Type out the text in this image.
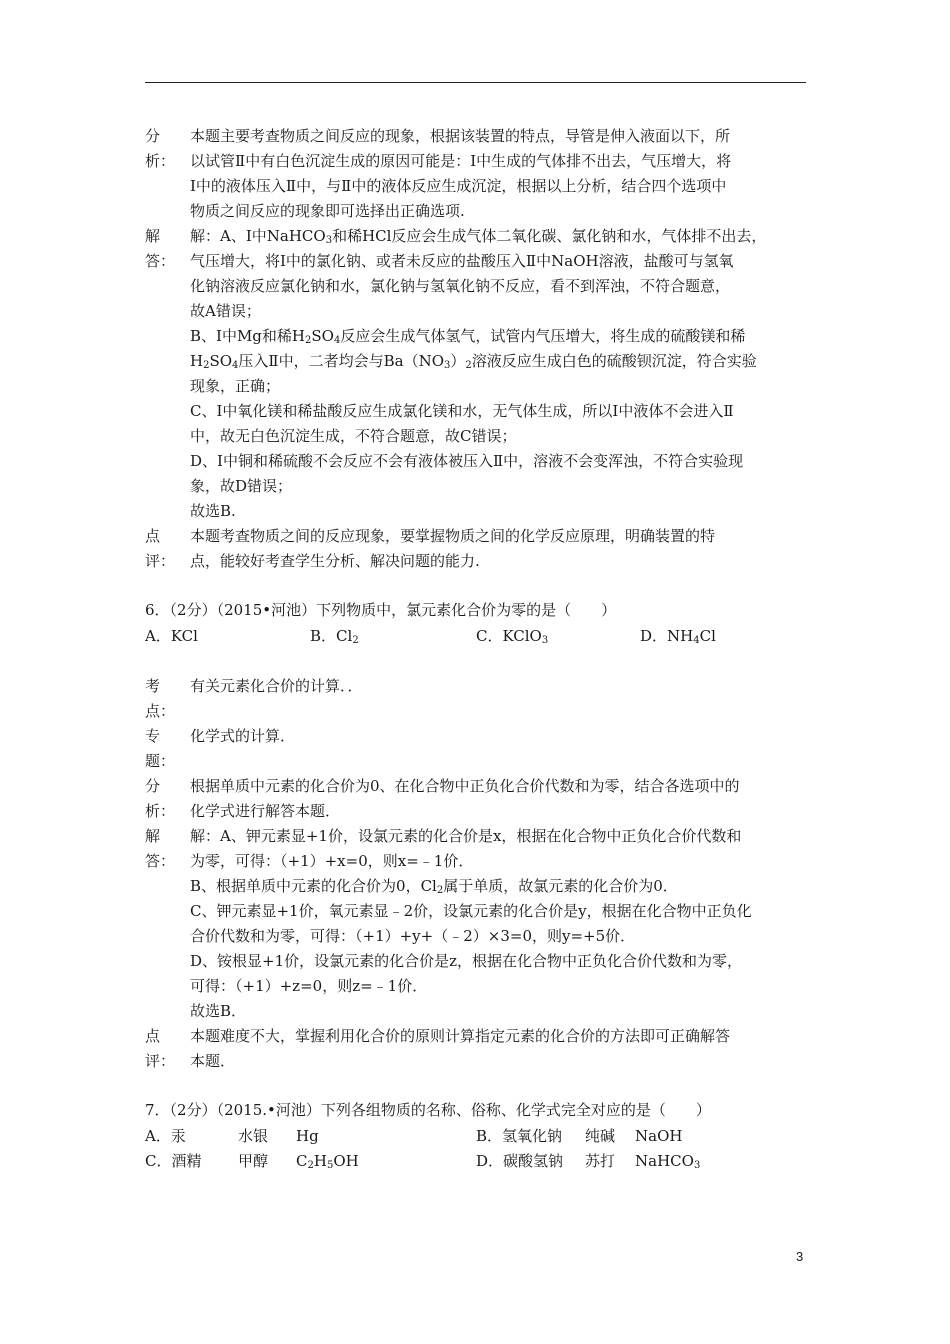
分
析：
本题主要考查物质之间反应的现象，根据该装置的特点，导管是伸入液面以下，所
以试管Ⅱ中有白色沉淀生成的原因可能是：Ⅰ中生成的气体排不出去，气压增大，将
Ⅰ中的液体压入Ⅱ中，与Ⅱ中的液体反应生成沉淀，根据以上分析，结合四个选项中
物质之间反应的现象即可选择出正确选项.
解
答：
解：A、Ⅰ中NaHCO$_3$和稀HCl反应会生成气体二氧化碳、氯化钠和水，气体排不出去，
气压增大，将Ⅰ中的氯化钠、或者未反应的盐酸压入Ⅱ中NaOH溶液，盐酸可与氢氧
化钠溶液反应氯化钠和水，氯化钠与氢氧化钠不反应，看不到浑浊，不符合题意，
故A错误；
B、Ⅰ中Mg和稀$H_2SO_4$反应会生成气体氢气，试管内气压增大，将生成的硫酸镁和稀
$H_2SO_4$压入Ⅱ中，二者均会与$Ba(NO_3)_2$溶液反应生成白色的硫酸钡沉淀，符合实验
现象，正确；
C、Ⅰ中氧化镁和稀盐酸反应生成氯化镁和水，无气体生成，所以Ⅰ中液体不会进入Ⅱ
中，故无白色沉淀生成，不符合题意，故C错误；
D、Ⅰ中铜和稀硫酸不会反应不会有液体被压入Ⅱ中，溶液不会变浑浊，不符合实验现
象，故D错误；
故选B.
点
评：
本题考查物质之间的反应现象，要掌握物质之间的化学反应原理，明确装置的特
点，能较好考查学生分析、解决问题的能力.
6．（2分）（2015•河池）下列物质中，氯元素化合价为零的是（　　）
A．KCl	B．$Cl_2$	C．KClO$_3$	D．$NH_4Cl$
考
点：
有关元素化合价的计算．．
专
题：
化学式的计算．
分
析：
根据单质中元素的化合价为0、在化合物中正负化合价代数和为零，结合各选项中的
化学式进行解答本题．
解
答：
解：A、钾元素显+1价，设氯元素的化合价是x，根据在化合物中正负化合价代数和
为零，可得：（+1）+x=0，则x=﹣1价．
B、根据单质中元素的化合价为0，$Cl_2$属于单质，故氯元素的化合价为0．
C、钾元素显+1价，氧元素显﹣2价，设氯元素的化合价是y，根据在化合物中正负化
合价代数和为零，可得：（+1）+y+（﹣2）×3=0，则y=+5价．
D、铵根显+1价，设氯元素的化合价是z，根据在化合物中正负化合价代数和为零，
可得：（+1）+z=0，则z=﹣1价．
故选B．
点
评：
本题难度不大，掌握利用化合价的原则计算指定元素的化合价的方法即可正确解答
本题．
7．（2分）（2015.•河池）下列各组物质的名称、俗称、化学式完全对应的是（　　）
A．汞	水银 Hg	B．氢氧化钠 纯碱 NaOH
C．酒精 甲醇 $C_2H_5OH$	D．碳酸氢钠 苏打 NaHCO$_3$
3
